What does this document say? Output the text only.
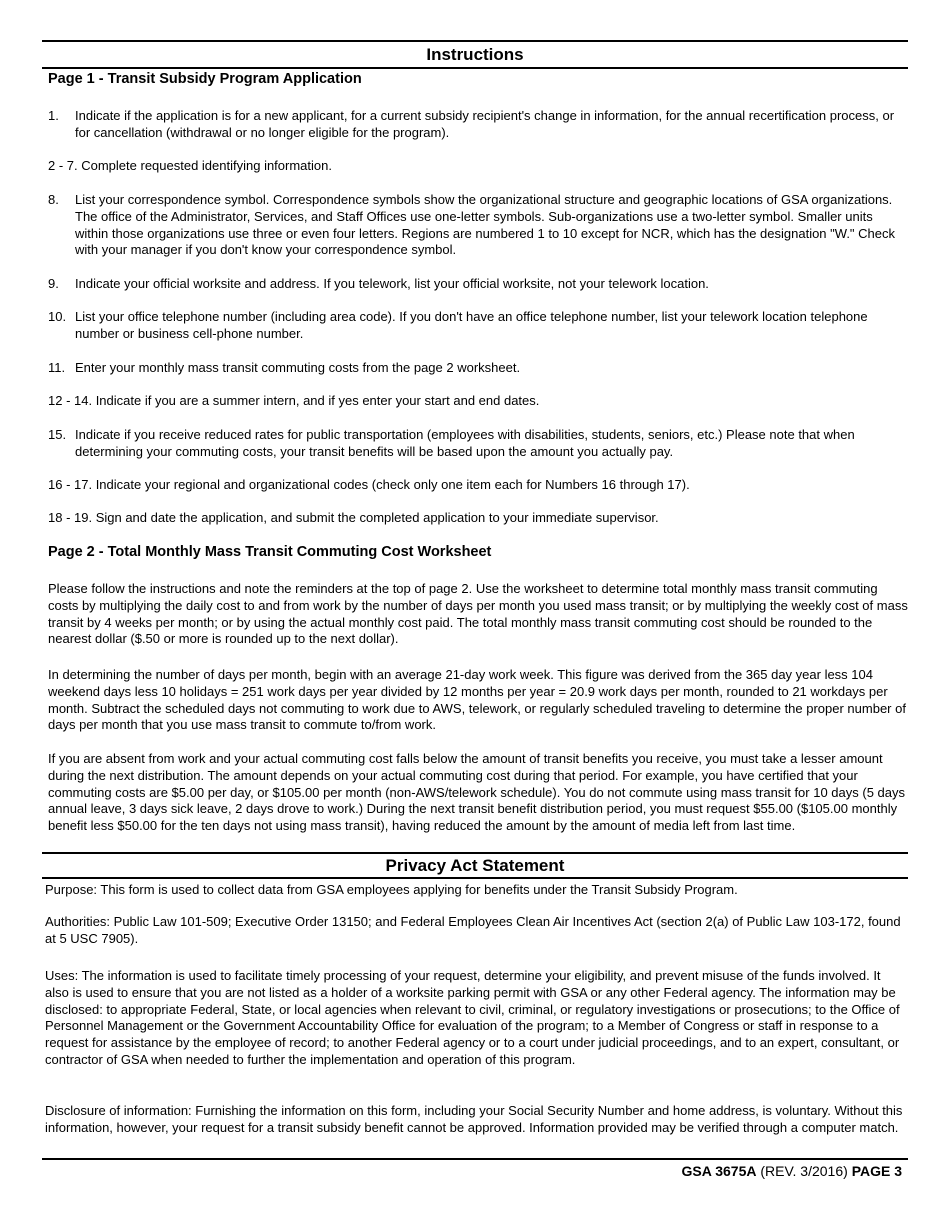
Instructions
Page 1 - Transit Subsidy Program Application
1. Indicate if the application is for a new applicant, for a current subsidy recipient's change in information, for the annual recertification process, or for cancellation (withdrawal or no longer eligible for the program).
2 - 7. Complete requested identifying information.
8. List your correspondence symbol. Correspondence symbols show the organizational structure and geographic locations of GSA organizations. The office of the Administrator, Services, and Staff Offices use one-letter symbols. Sub-organizations use a two-letter symbol. Smaller units within those organizations use three or even four letters. Regions are numbered 1 to 10 except for NCR, which has the designation "W." Check with your manager if you don't know your correspondence symbol.
9. Indicate your official worksite and address. If you telework, list your official worksite, not your telework location.
10. List your office telephone number (including area code). If you don't have an office telephone number, list your telework location telephone number or business cell-phone number.
11. Enter your monthly mass transit commuting costs from the page 2 worksheet.
12 - 14. Indicate if you are a summer intern, and if yes enter your start and end dates.
15. Indicate if you receive reduced rates for public transportation (employees with disabilities, students, seniors, etc.) Please note that when determining your commuting costs, your transit benefits will be based upon the amount you actually pay.
16 - 17. Indicate your regional and organizational codes (check only one item each for Numbers 16 through 17).
18 - 19. Sign and date the application, and submit the completed application to your immediate supervisor.
Page 2 - Total Monthly Mass Transit Commuting Cost Worksheet
Please follow the instructions and note the reminders at the top of page 2. Use the worksheet to determine total monthly mass transit commuting costs by multiplying the daily cost to and from work by the number of days per month you used mass transit; or by multiplying the weekly cost of mass transit by 4 weeks per month; or by using the actual monthly cost paid. The total monthly mass transit commuting cost should be rounded to the nearest dollar ($.50 or more is rounded up to the next dollar).
In determining the number of days per month, begin with an average 21-day work week. This figure was derived from the 365 day year less 104 weekend days less 10 holidays = 251 work days per year divided by 12 months per year = 20.9 work days per month, rounded to 21 workdays per month. Subtract the scheduled days not commuting to work due to AWS, telework, or regularly scheduled traveling to determine the proper number of days per month that you use mass transit to commute to/from work.
If you are absent from work and your actual commuting cost falls below the amount of transit benefits you receive, you must take a lesser amount during the next distribution. The amount depends on your actual commuting cost during that period. For example, you have certified that your commuting costs are $5.00 per day, or $105.00 per month (non-AWS/telework schedule). You do not commute using mass transit for 10 days (5 days annual leave, 3 days sick leave, 2 days drove to work.) During the next transit benefit distribution period, you must request $55.00 ($105.00 monthly benefit less $50.00 for the ten days not using mass transit), having reduced the amount by the amount of media left from last time.
Privacy Act Statement
Purpose: This form is used to collect data from GSA employees applying for benefits under the Transit Subsidy Program.
Authorities: Public Law 101-509; Executive Order 13150; and Federal Employees Clean Air Incentives Act (section 2(a) of Public Law 103-172, found at 5 USC 7905).
Uses: The information is used to facilitate timely processing of your request, determine your eligibility, and prevent misuse of the funds involved. It also is used to ensure that you are not listed as a holder of a worksite parking permit with GSA or any other Federal agency. The information may be disclosed: to appropriate Federal, State, or local agencies when relevant to civil, criminal, or regulatory investigations or prosecutions; to the Office of Personnel Management or the Government Accountability Office for evaluation of the program; to a Member of Congress or staff in response to a request for assistance by the employee of record; to another Federal agency or to a court under judicial proceedings, and to an expert, consultant, or contractor of GSA when needed to further the implementation and operation of this program.
Disclosure of information: Furnishing the information on this form, including your Social Security Number and home address, is voluntary. Without this information, however, your request for a transit subsidy benefit cannot be approved. Information provided may be verified through a computer match.
GSA 3675A (REV. 3/2016) PAGE 3
